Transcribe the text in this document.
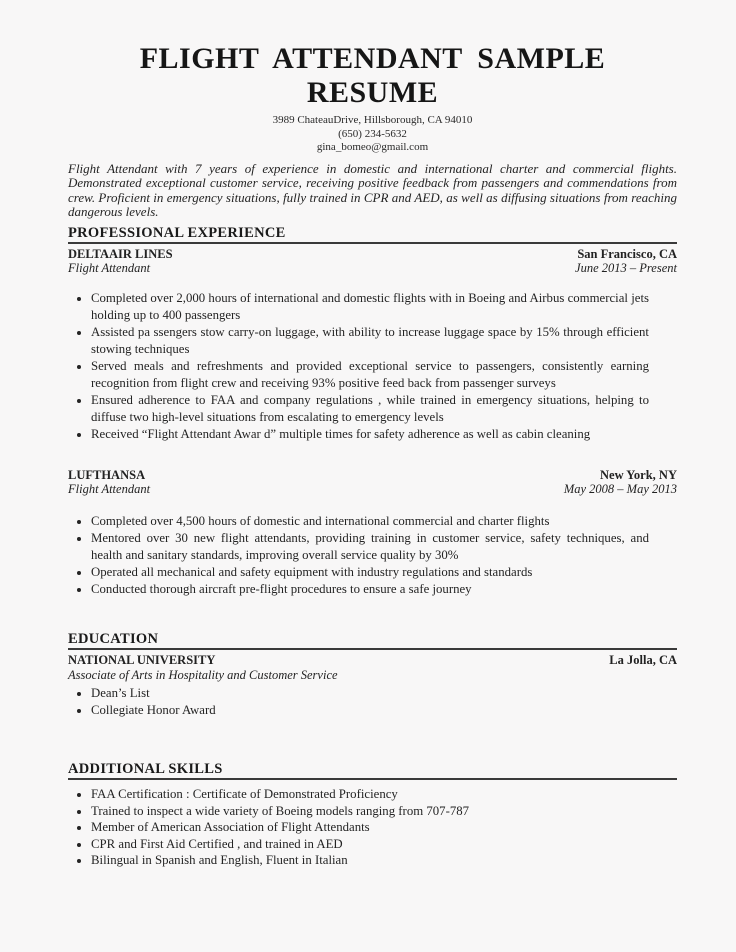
FLIGHT ATTENDANT SAMPLE RESUME
3989 ChateauDrive, Hillsborough, CA 94010
(650) 234-5632
gina_bomeo@gmail.com

Flight Attendant with 7 years of experience in domestic and international charter and commercial flights. Demonstrated exceptional customer service, receiving positive feedback from passengers and commendations from crew. Proficient in emergency situations, fully trained in CPR and AED, as well as diffusing situations from reaching dangerous levels.

PROFESSIONAL EXPERIENCE
DELTAAIR LINES	San Francisco, CA
Flight Attendant	June 2013 – Present
• Completed over 2,000 hours of international and domestic flights with in Boeing and Airbus commercial jets holding up to 400 passengers
• Assisted pa ssengers stow carry-on luggage, with ability to increase luggage space by 15% through efficient stowing techniques
• Served meals and refreshments and provided exceptional service to passengers, consistently earning recognition from flight crew and receiving 93% positive feed back from passenger surveys
• Ensured adherence to FAA and company regulations , while trained in emergency situations, helping to diffuse two high-level situations from escalating to emergency levels
• Received “Flight Attendant Awar d” multiple times for safety adherence as well as cabin cleaning
LUFTHANSA	New York, NY
Flight Attendant	May 2008 – May 2013
• Completed over 4,500 hours of domestic and international commercial and charter flights
• Mentored over 30 new flight attendants, providing training in customer service, safety techniques, and health and sanitary standards, improving overall service quality by 30%
• Operated all mechanical and safety equipment with industry regulations and standards
• Conducted thorough aircraft pre-flight procedures to ensure a safe journey
EDUCATION
NATIONAL UNIVERSITY	La Jolla, CA
Associate of Arts in Hospitality and Customer Service
• Dean’s List
• Collegiate Honor Award
ADDITIONAL SKILLS
• FAA Certification : Certificate of Demonstrated Proficiency
• Trained to inspect a wide variety of Boeing models ranging from 707-787
• Member of American Association of Flight Attendants
• CPR and First Aid Certified , and trained in AED
• Bilingual in Spanish and English, Fluent in Italian
